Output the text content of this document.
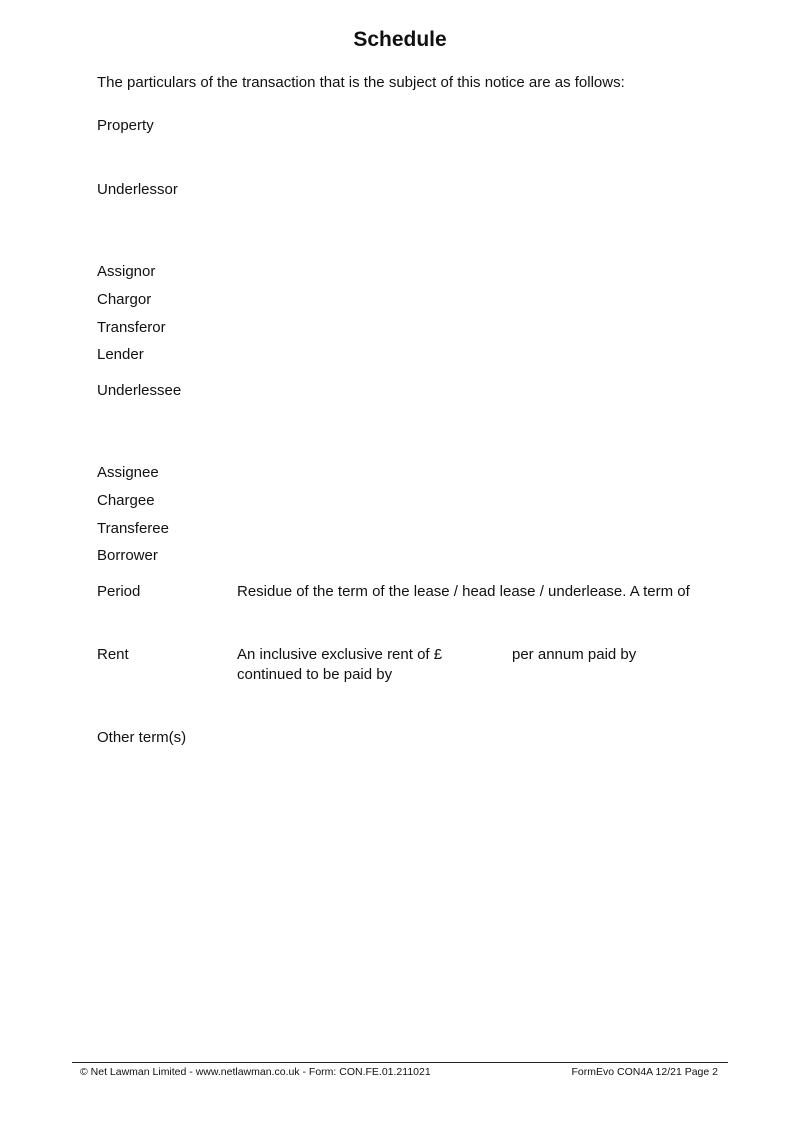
Schedule
The particulars of the transaction that is the subject of this notice are as follows:
Property
Underlessor
Assignor
Chargor
Transferor
Lender
Underlessee
Assignee
Chargee
Transferee
Borrower
Period	Residue of the term of the lease / head lease / underlease. A term of
Rent	An inclusive exclusive rent of £	per annum paid by
continued to be paid by
Other term(s)
© Net Lawman Limited - www.netlawman.co.uk - Form: CON.FE.01.211021	FormEvo CON4A 12/21 Page 2
